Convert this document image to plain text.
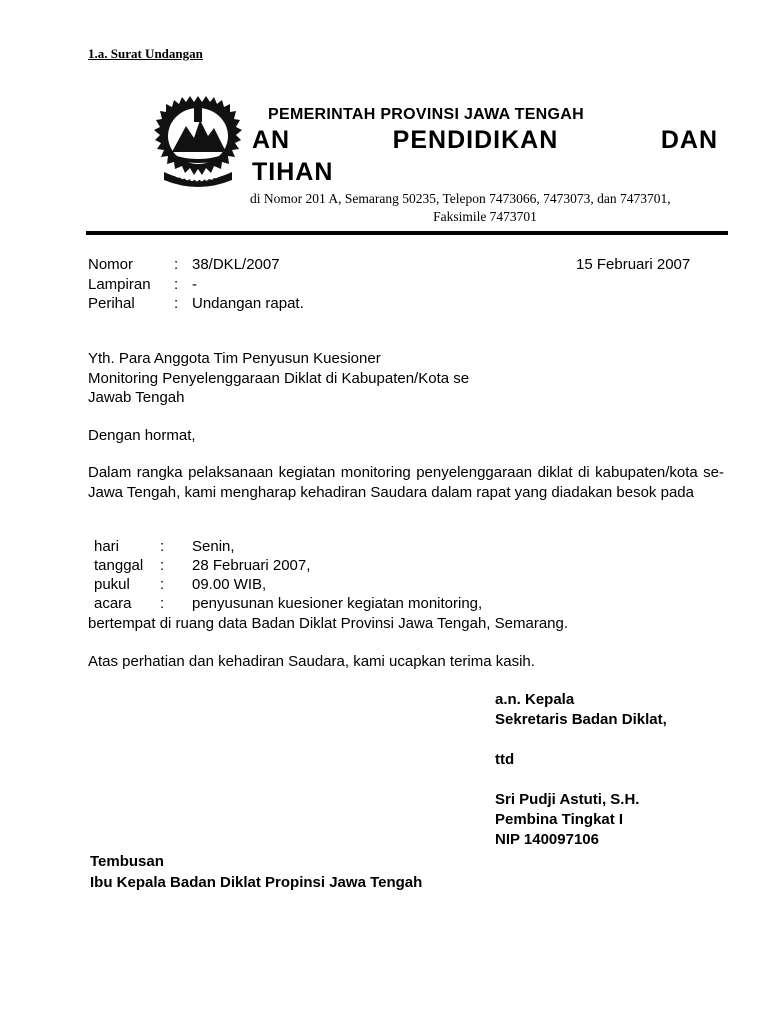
1.a. Surat Undangan
PEMERINTAH PROVINSI JAWA TENGAH
AN PENDIDIKAN DAN
TIHAN
di Nomor 201 A, Semarang 50235, Telepon 7473066, 7473073, dan 7473701,
Faksimile 7473701
Nomor	:	38/DKL/2007
Lampiran	:	-
Perihal	:	Undangan rapat.
15 Februari 2007
Yth. Para Anggota Tim Penyusun Kuesioner
Monitoring Penyelenggaraan Diklat di Kabupaten/Kota se
Jawab Tengah
Dengan hormat,
Dalam rangka pelaksanaan kegiatan monitoring penyelenggaraan diklat di kabupaten/kota se-Jawa Tengah, kami mengharap kehadiran Saudara dalam rapat yang diadakan besok pada
hari	:	Senin,
tanggal	:	28 Februari 2007,
pukul	:	09.00 WIB,
acara	:	penyusunan kuesioner kegiatan monitoring,
bertempat di ruang data Badan Diklat Provinsi Jawa Tengah, Semarang.
Atas perhatian dan kehadiran Saudara, kami ucapkan terima kasih.
a.n. Kepala
Sekretaris Badan Diklat,
ttd
Sri Pudji Astuti, S.H.
Pembina Tingkat I
NIP 140097106
Tembusan
Ibu Kepala Badan Diklat Propinsi Jawa Tengah
